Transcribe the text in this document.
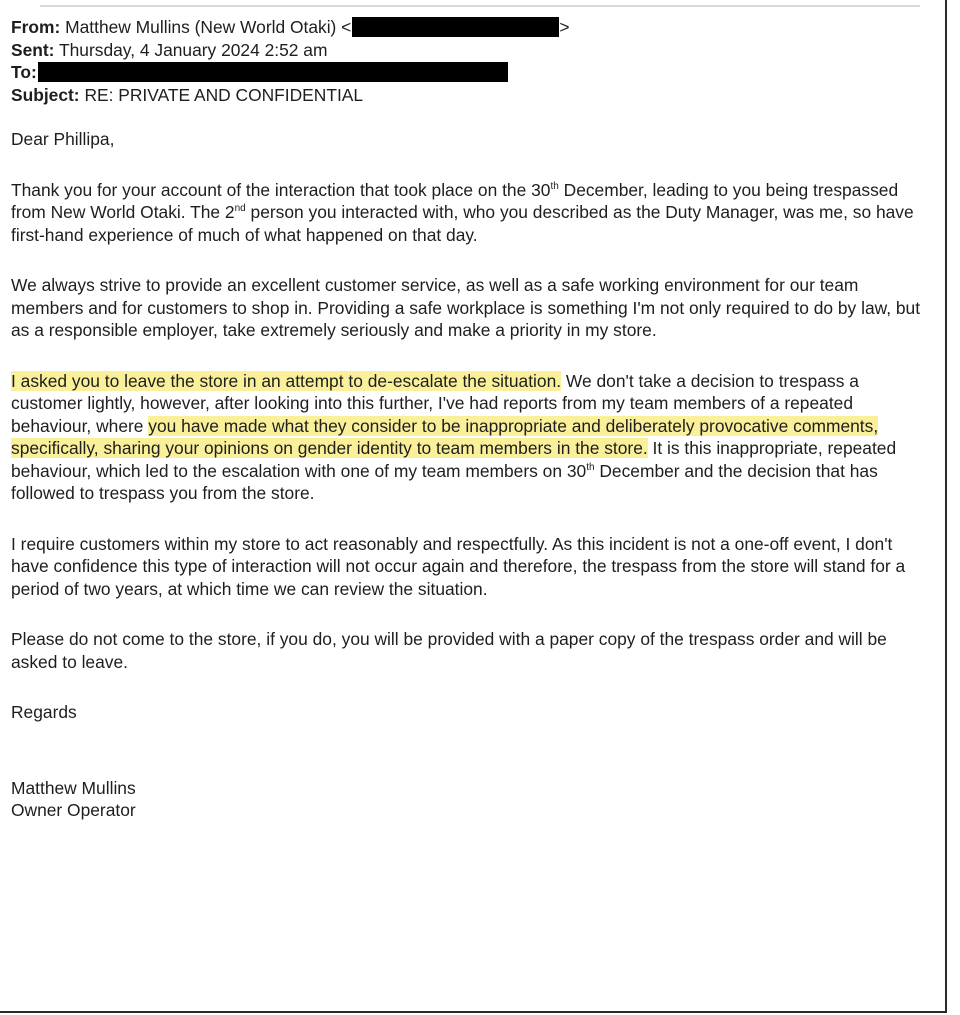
From: Matthew Mullins (New World Otaki) <	>
Sent: Thursday, 4 January 2024 2:52 am
To:
Subject: RE: PRIVATE AND CONFIDENTIAL

Dear Phillipa,

Thank you for your account of the interaction that took place on the 30th December, leading to you being trespassed from New World Otaki. The 2nd person you interacted with, who you described as the Duty Manager, was me, so have first-hand experience of much of what happened on that day.

We always strive to provide an excellent customer service, as well as a safe working environment for our team members and for customers to shop in. Providing a safe workplace is something I'm not only required to do by law, but as a responsible employer, take extremely seriously and make a priority in my store.

I asked you to leave the store in an attempt to de-escalate the situation. We don't take a decision to trespass a customer lightly, however, after looking into this further, I've had reports from my team members of a repeated behaviour, where you have made what they consider to be inappropriate and deliberately provocative comments, specifically, sharing your opinions on gender identity to team members in the store. It is this inappropriate, repeated behaviour, which led to the escalation with one of my team members on 30th December and the decision that has followed to trespass you from the store.

I require customers within my store to act reasonably and respectfully. As this incident is not a one-off event, I don't have confidence this type of interaction will not occur again and therefore, the trespass from the store will stand for a period of two years, at which time we can review the situation.

Please do not come to the store, if you do, you will be provided with a paper copy of the trespass order and will be asked to leave.

Regards

Matthew Mullins

Owner Operator
